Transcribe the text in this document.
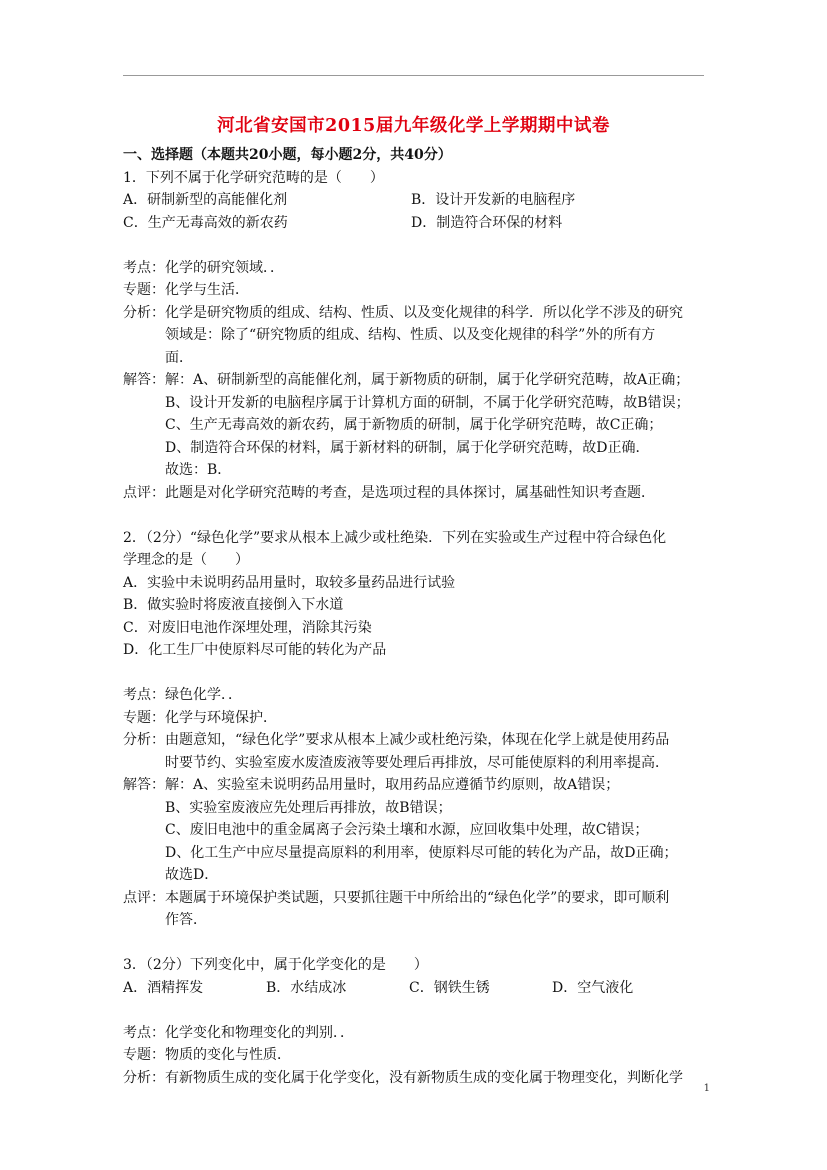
河北省安国市2015届九年级化学上学期期中试卷
一、选择题（本题共20小题，每小题2分，共40分）
1．下列不属于化学研究范畴的是（　　）
A．研制新型的高能催化剂	B．设计开发新的电脑程序
C．生产无毒高效的新农药	D．制造符合环保的材料
考点： 化学的研究领域．．
专题： 化学与生活．
分析： 化学是研究物质的组成、结构、性质、以及变化规律的科学．所以化学不涉及的研究
领域是：除了“研究物质的组成、结构、性质、以及变化规律的科学”外的所有方
面．
解答： 解：A、研制新型的高能催化剂，属于新物质的研制，属于化学研究范畴，故A正确；
B、设计开发新的电脑程序属于计算机方面的研制，不属于化学研究范畴，故B错误；
C、生产无毒高效的新农药，属于新物质的研制，属于化学研究范畴，故C正确；
D、制造符合环保的材料，属于新材料的研制，属于化学研究范畴，故D正确．
故选：B．
点评： 此题是对化学研究范畴的考查，是选项过程的具体探讨，属基础性知识考查题．
2．（2分）“绿色化学”要求从根本上减少或杜绝染．下列在实验或生产过程中符合绿色化
学理念的是（　　）
A．实验中未说明药品用量时，取较多量药品进行试验
B．做实验时将废液直接倒入下水道
C．对废旧电池作深埋处理，消除其污染
D．化工生厂中使原料尽可能的转化为产品
考点： 绿色化学．．
专题： 化学与环境保护．
分析： 由题意知，“绿色化学”要求从根本上减少或杜绝污染，体现在化学上就是使用药品
时要节约、实验室废水废渣废液等要处理后再排放，尽可能使原料的利用率提高．
解答： 解：A、实验室未说明药品用量时，取用药品应遵循节约原则，故A错误；
B、实验室废液应先处理后再排放，故B错误；
C、废旧电池中的重金属离子会污染土壤和水源，应回收集中处理，故C错误；
D、化工生产中应尽量提高原料的利用率，使原料尽可能的转化为产品，故D正确；
故选D．
点评： 本题属于环境保护类试题，只要抓往题干中所给出的“绿色化学”的要求，即可顺利
作答．
3．（2分）下列变化中，属于化学变化的是　　）
A．酒精挥发	B．水结成冰	C．钢铁生锈	D．空气液化
考点： 化学变化和物理变化的判别．．
专题： 物质的变化与性质．
分析： 有新物质生成的变化属于化学变化，没有新物质生成的变化属于物理变化，判断化学
1
